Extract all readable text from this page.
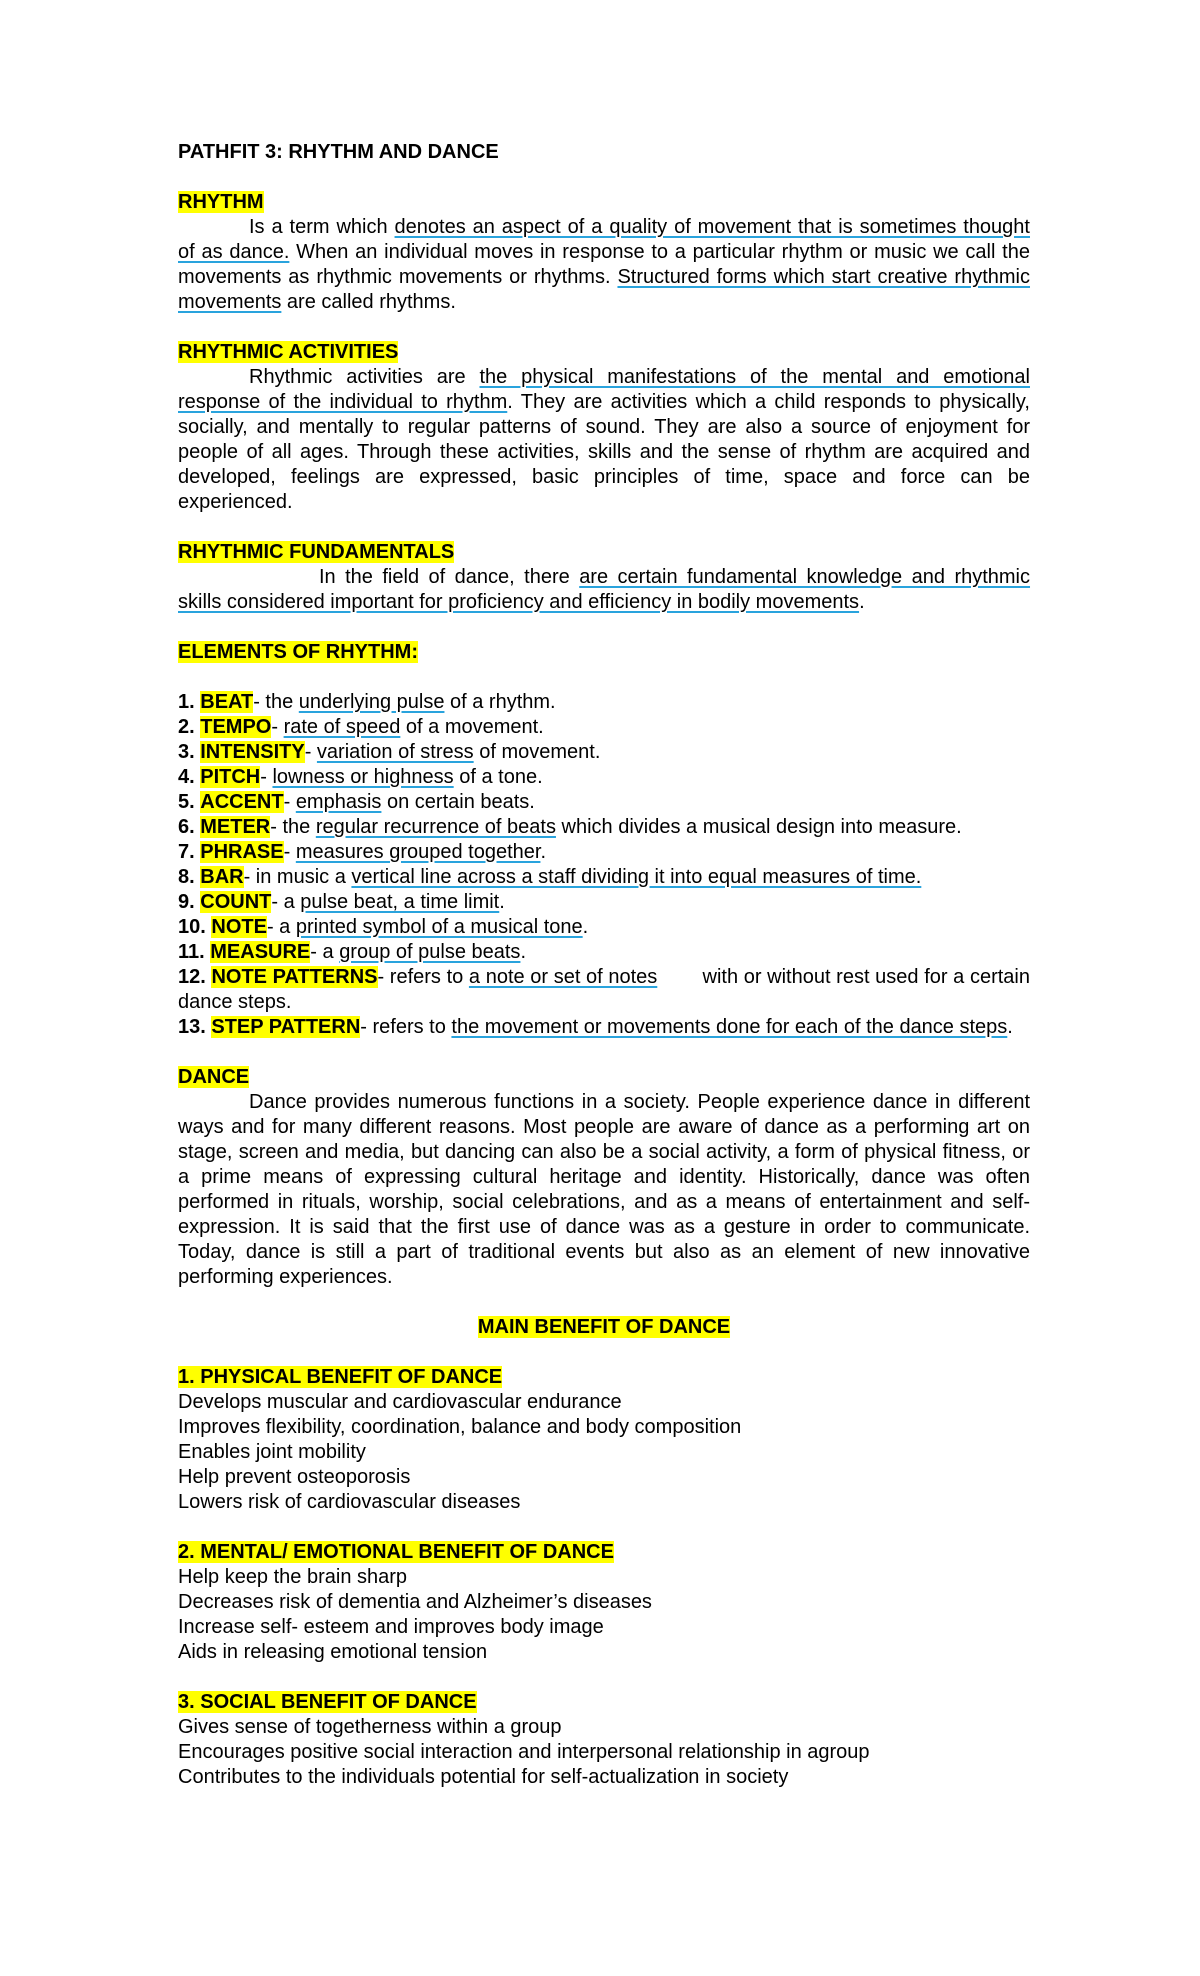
PATHFIT 3: RHYTHM AND DANCE
RHYTHM

Is a term which denotes an aspect of a quality of movement that is sometimes thought of as dance. When an individual moves in response to a particular rhythm or music we call the movements as rhythmic movements or rhythms. Structured forms which start creative rhythmic movements are called rhythms.

RHYTHMIC ACTIVITIES

Rhythmic activities are the physical manifestations of the mental and emotional response of the individual to rhythm. They are activities which a child responds to physically, socially, and mentally to regular patterns of sound. They are also a source of enjoyment for people of all ages. Through these activities, skills and the sense of rhythm are acquired and developed, feelings are expressed, basic principles of time, space and force can be experienced.

RHYTHMIC FUNDAMENTALS

In the field of dance, there are certain fundamental knowledge and rhythmic skills considered important for proficiency and efficiency in bodily movements.

ELEMENTS OF RHYTHM:
1. BEAT- the underlying pulse of a rhythm.
2. TEMPO- rate of speed of a movement.
3. INTENSITY- variation of stress of movement.
4. PITCH- lowness or highness of a tone.
5. ACCENT- emphasis on certain beats.
6. METER- the regular recurrence of beats which divides a musical design into measure.
7. PHRASE- measures grouped together.
8. BAR- in music a vertical line across a staff dividing it into equal measures of time.
9. COUNT- a pulse beat, a time limit.
10. NOTE- a printed symbol of a musical tone.
11. MEASURE- a group of pulse beats.
12. NOTE PATTERNS- refers to a note or set of notes        with or without rest used for a certain dance steps.
13. STEP PATTERN- refers to the movement or movements done for each of the dance steps.
DANCE

Dance provides numerous functions in a society. People experience dance in different ways and for many different reasons. Most people are aware of dance as a performing art on stage, screen and media, but dancing can also be a social activity, a form of physical fitness, or a prime means of expressing cultural heritage and identity. Historically, dance was often performed in rituals, worship, social celebrations, and as a means of entertainment and self-expression. It is said that the first use of dance was as a gesture in order to communicate. Today, dance is still a part of traditional events but also as an element of new innovative performing experiences.

MAIN BENEFIT OF DANCE
1. PHYSICAL BENEFIT OF DANCE
Develops muscular and cardiovascular endurance
Improves flexibility, coordination, balance and body composition
Enables joint mobility
Help prevent osteoporosis
Lowers risk of cardiovascular diseases
2. MENTAL/ EMOTIONAL BENEFIT OF DANCE
Help keep the brain sharp
Decreases risk of dementia and Alzheimer’s diseases
Increase self- esteem and improves body image
Aids in releasing emotional tension
3. SOCIAL BENEFIT OF DANCE
Gives sense of togetherness within a group
Encourages positive social interaction and interpersonal relationship in agroup
Contributes to the individuals potential for self-actualization in society
